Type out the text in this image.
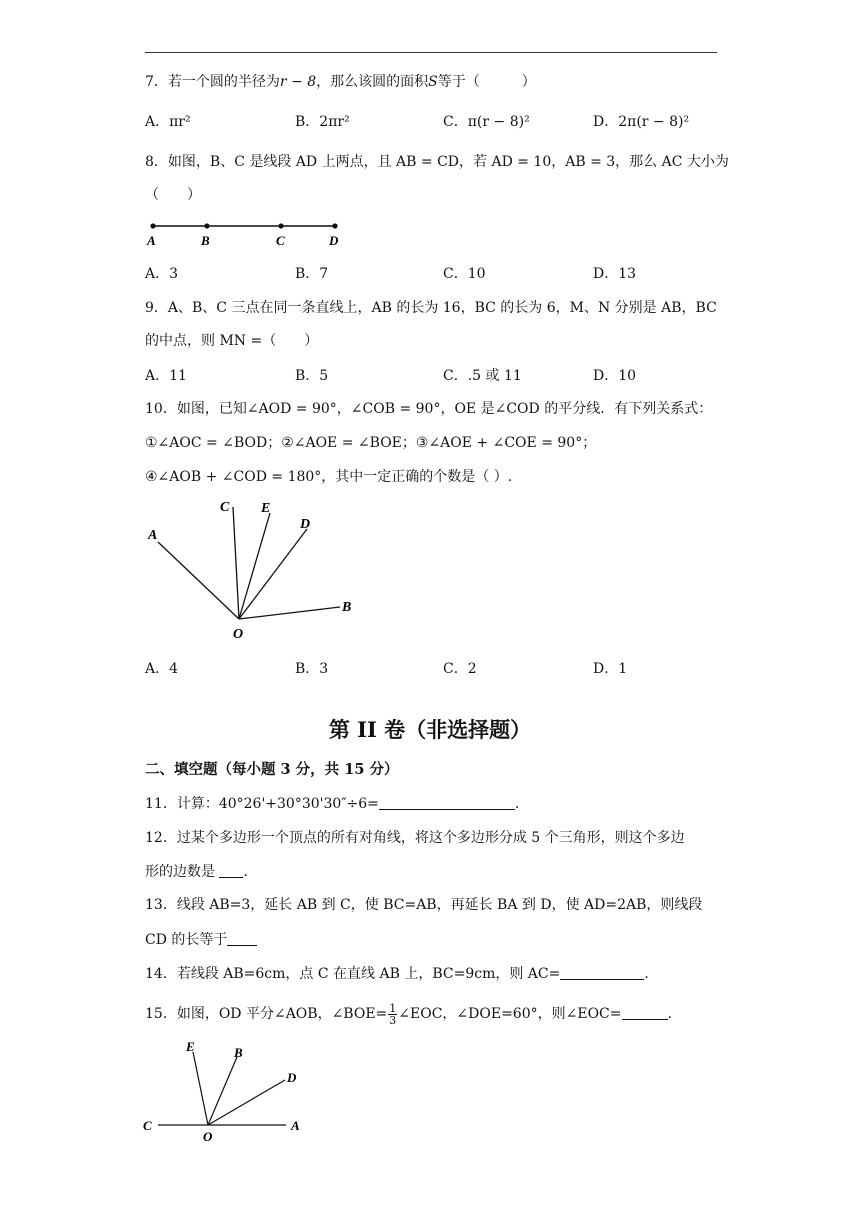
7．若一个圆的半径为r − 8，那么该圆的面积S等于（　　　）
A．πr²	B．2πr²	C．π(r − 8)²	D．2π(r − 8)²
8．如图，B、C 是线段 AD 上两点，且 AB = CD，若 AD = 10，AB = 3，那么 AC 大小为
（　　）
A	B	C	D
A．3	B．7	C．10	D．13
9．A、B、C 三点在同一条直线上，AB 的长为 16，BC 的长为 6，M、N 分别是 AB，BC
的中点，则 MN =（　　）
A．11	B．5	C．.5 或 11	D．10
10．如图，已知∠AOD = 90°，∠COB = 90°，OE 是∠COD 的平分线．有下列关系式：
①∠AOC = ∠BOD；②∠AOE = ∠BOE；③∠AOE + ∠COE = 90°；
④∠AOB + ∠COD = 180°，其中一定正确的个数是（ ）.
A
C E
D
B
O
A．4	B．3	C．2	D．1
第 II 卷（非选择题）
二、填空题（每小题 3 分，共 15 分）
11．计算：40°26'+30°30'30″÷6=	.
12．过某个多边形一个顶点的所有对角线，将这个多边形分成 5 个三角形，则这个多边
形的边数是 .
13．线段 AB=3，延长 AB 到 C，使 BC=AB，再延长 BA 到 D，使 AD=2AB，则线段
CD 的长等于
14．若线段 AB=6cm，点 C 在直线 AB 上，BC=9cm，则 AC=	.
15．如图，OD 平分∠AOB，∠BOE= $\frac{1}{3}$ ∠EOC，∠DOE=60°，则∠EOC=	.
E	B
D
C
O
A
